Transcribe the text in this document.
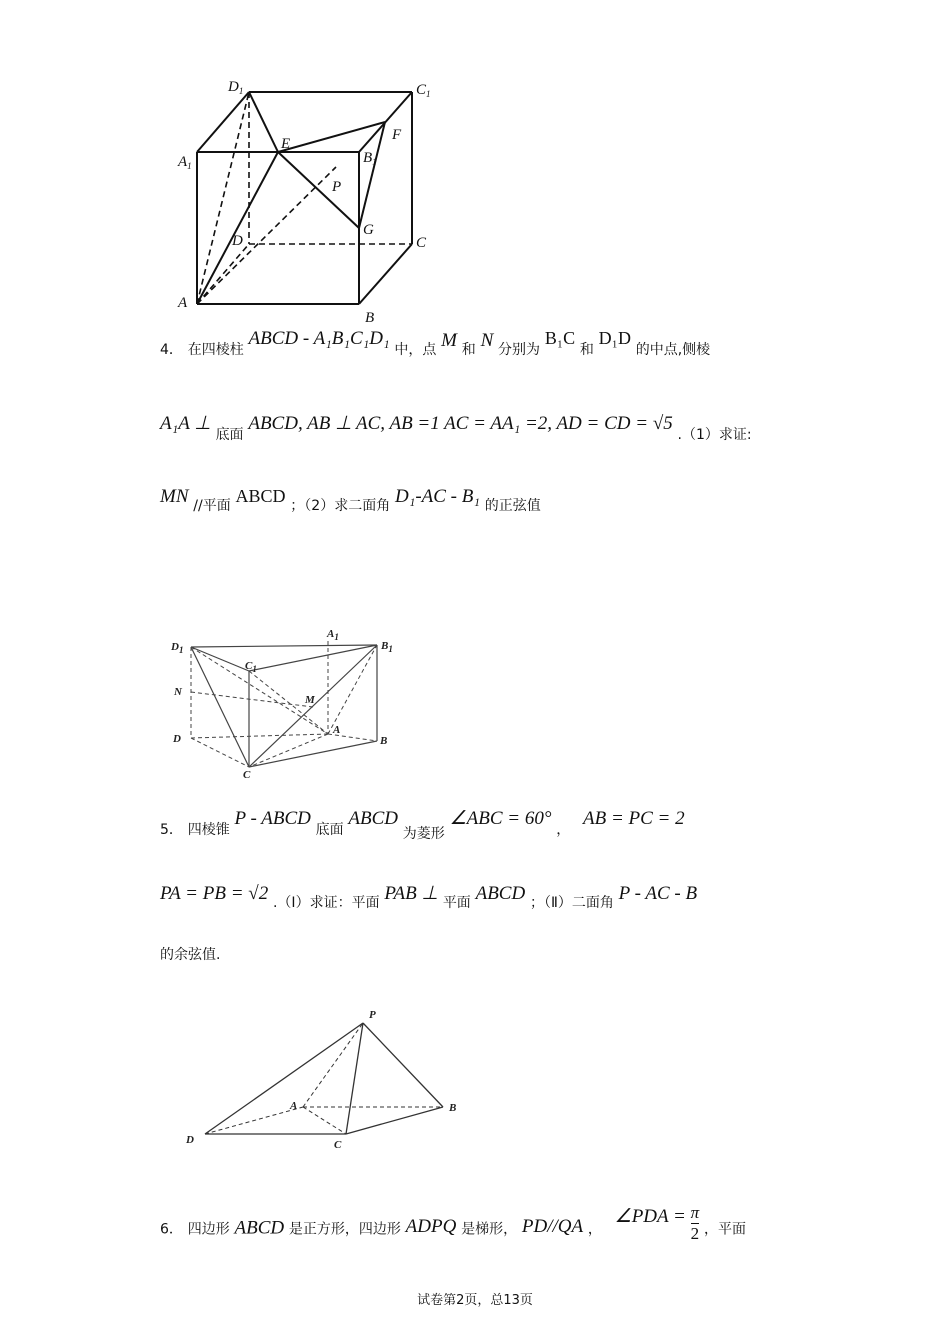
$D_1$	$C_1$
$A_1$	$B_1$
E
F
P
G
D	C
A
B
4． 在四棱柱 ABCD - A₁B₁C₁D₁ 中，点 M 和 N 分别为 B₁C 和 D₁D 的中点,侧棱
A₁A ⊥ 底面 ABCD, AB ⊥ AC, AB =1 AC = AA₁ =2, AD = CD = √5 .（1）求证:
MN //平面 ABCD ；（2）求二面角 D₁-AC - B₁ 的正弦值
$D_1$
$A_1$
$B_1$
$C_1$
N
M
A
D	B
C
5． 四棱锥 P - ABCD 底面 ABCD 为菱形 ∠ABC = 60° ， AB = PC = 2
PA = PB = √2 .（Ⅰ）求证：平面 PAB ⊥ 平面 ABCD ；（Ⅱ）二面角 P - AC - B
的余弦值.
P
A	B
D	C
6． 四边形 ABCD 是正方形，四边形 ADPQ 是梯形， PD//QA ， ∠PDA = $\frac{\pi}{2}$ ，平面
试卷第2页，总13页
